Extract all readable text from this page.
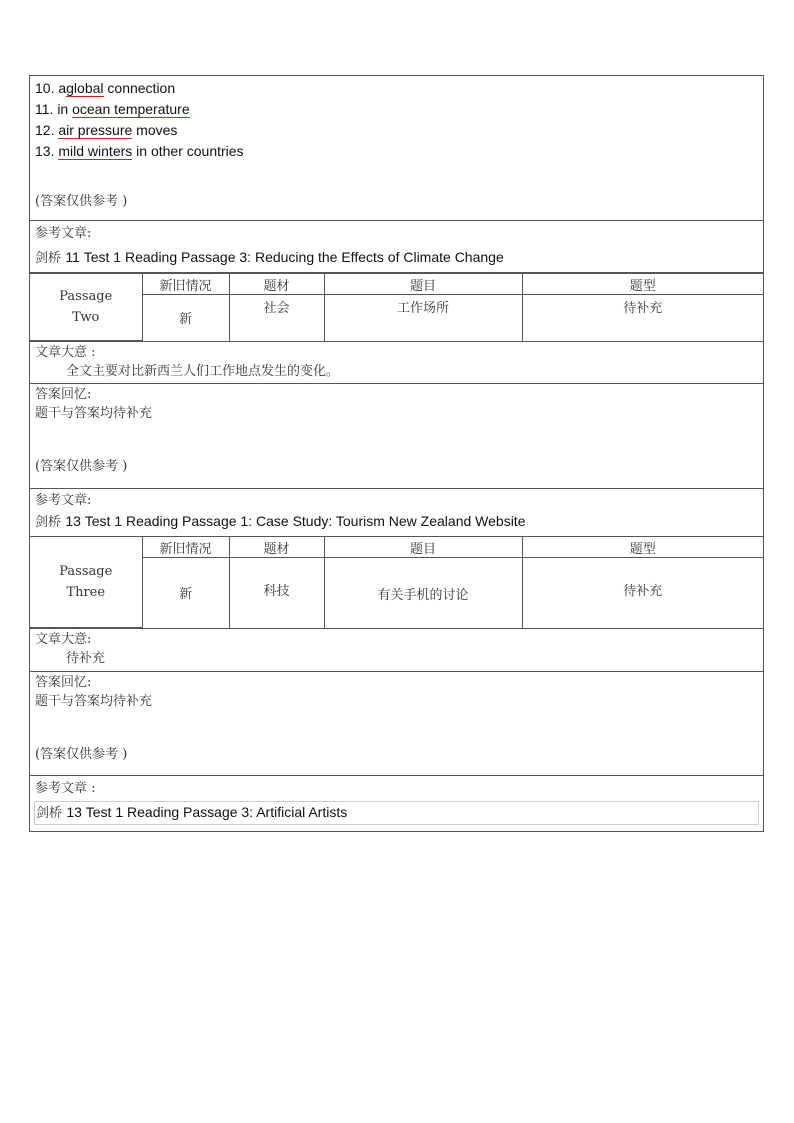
10. aglobal connection
11. in ocean temperature
12. air pressure moves
13. mild winters in other countries
(答案仅供参考 )
参考文章:
剑桥 11 Test 1 Reading Passage 3: Reducing the Effects of Climate Change
Passage
Two	新旧情况	题材	题目	题型
	新	社会	工作场所	待补充
文章大意 :
全文主要对比新西兰人们工作地点发生的变化。
答案回忆:
题干与答案均待补充
(答案仅供参考 )
参考文章:
剑桥 13 Test 1 Reading Passage 1: Case Study: Tourism New Zealand Website
Passage
Three	新旧情况	题材	题目	题型
	新	科技	有关手机的讨论	待补充
文章大意:
待补充
答案回忆:
题干与答案均待补充
(答案仅供参考 )
参考文章 :
剑桥 13 Test 1 Reading Passage 3: Artificial Artists
